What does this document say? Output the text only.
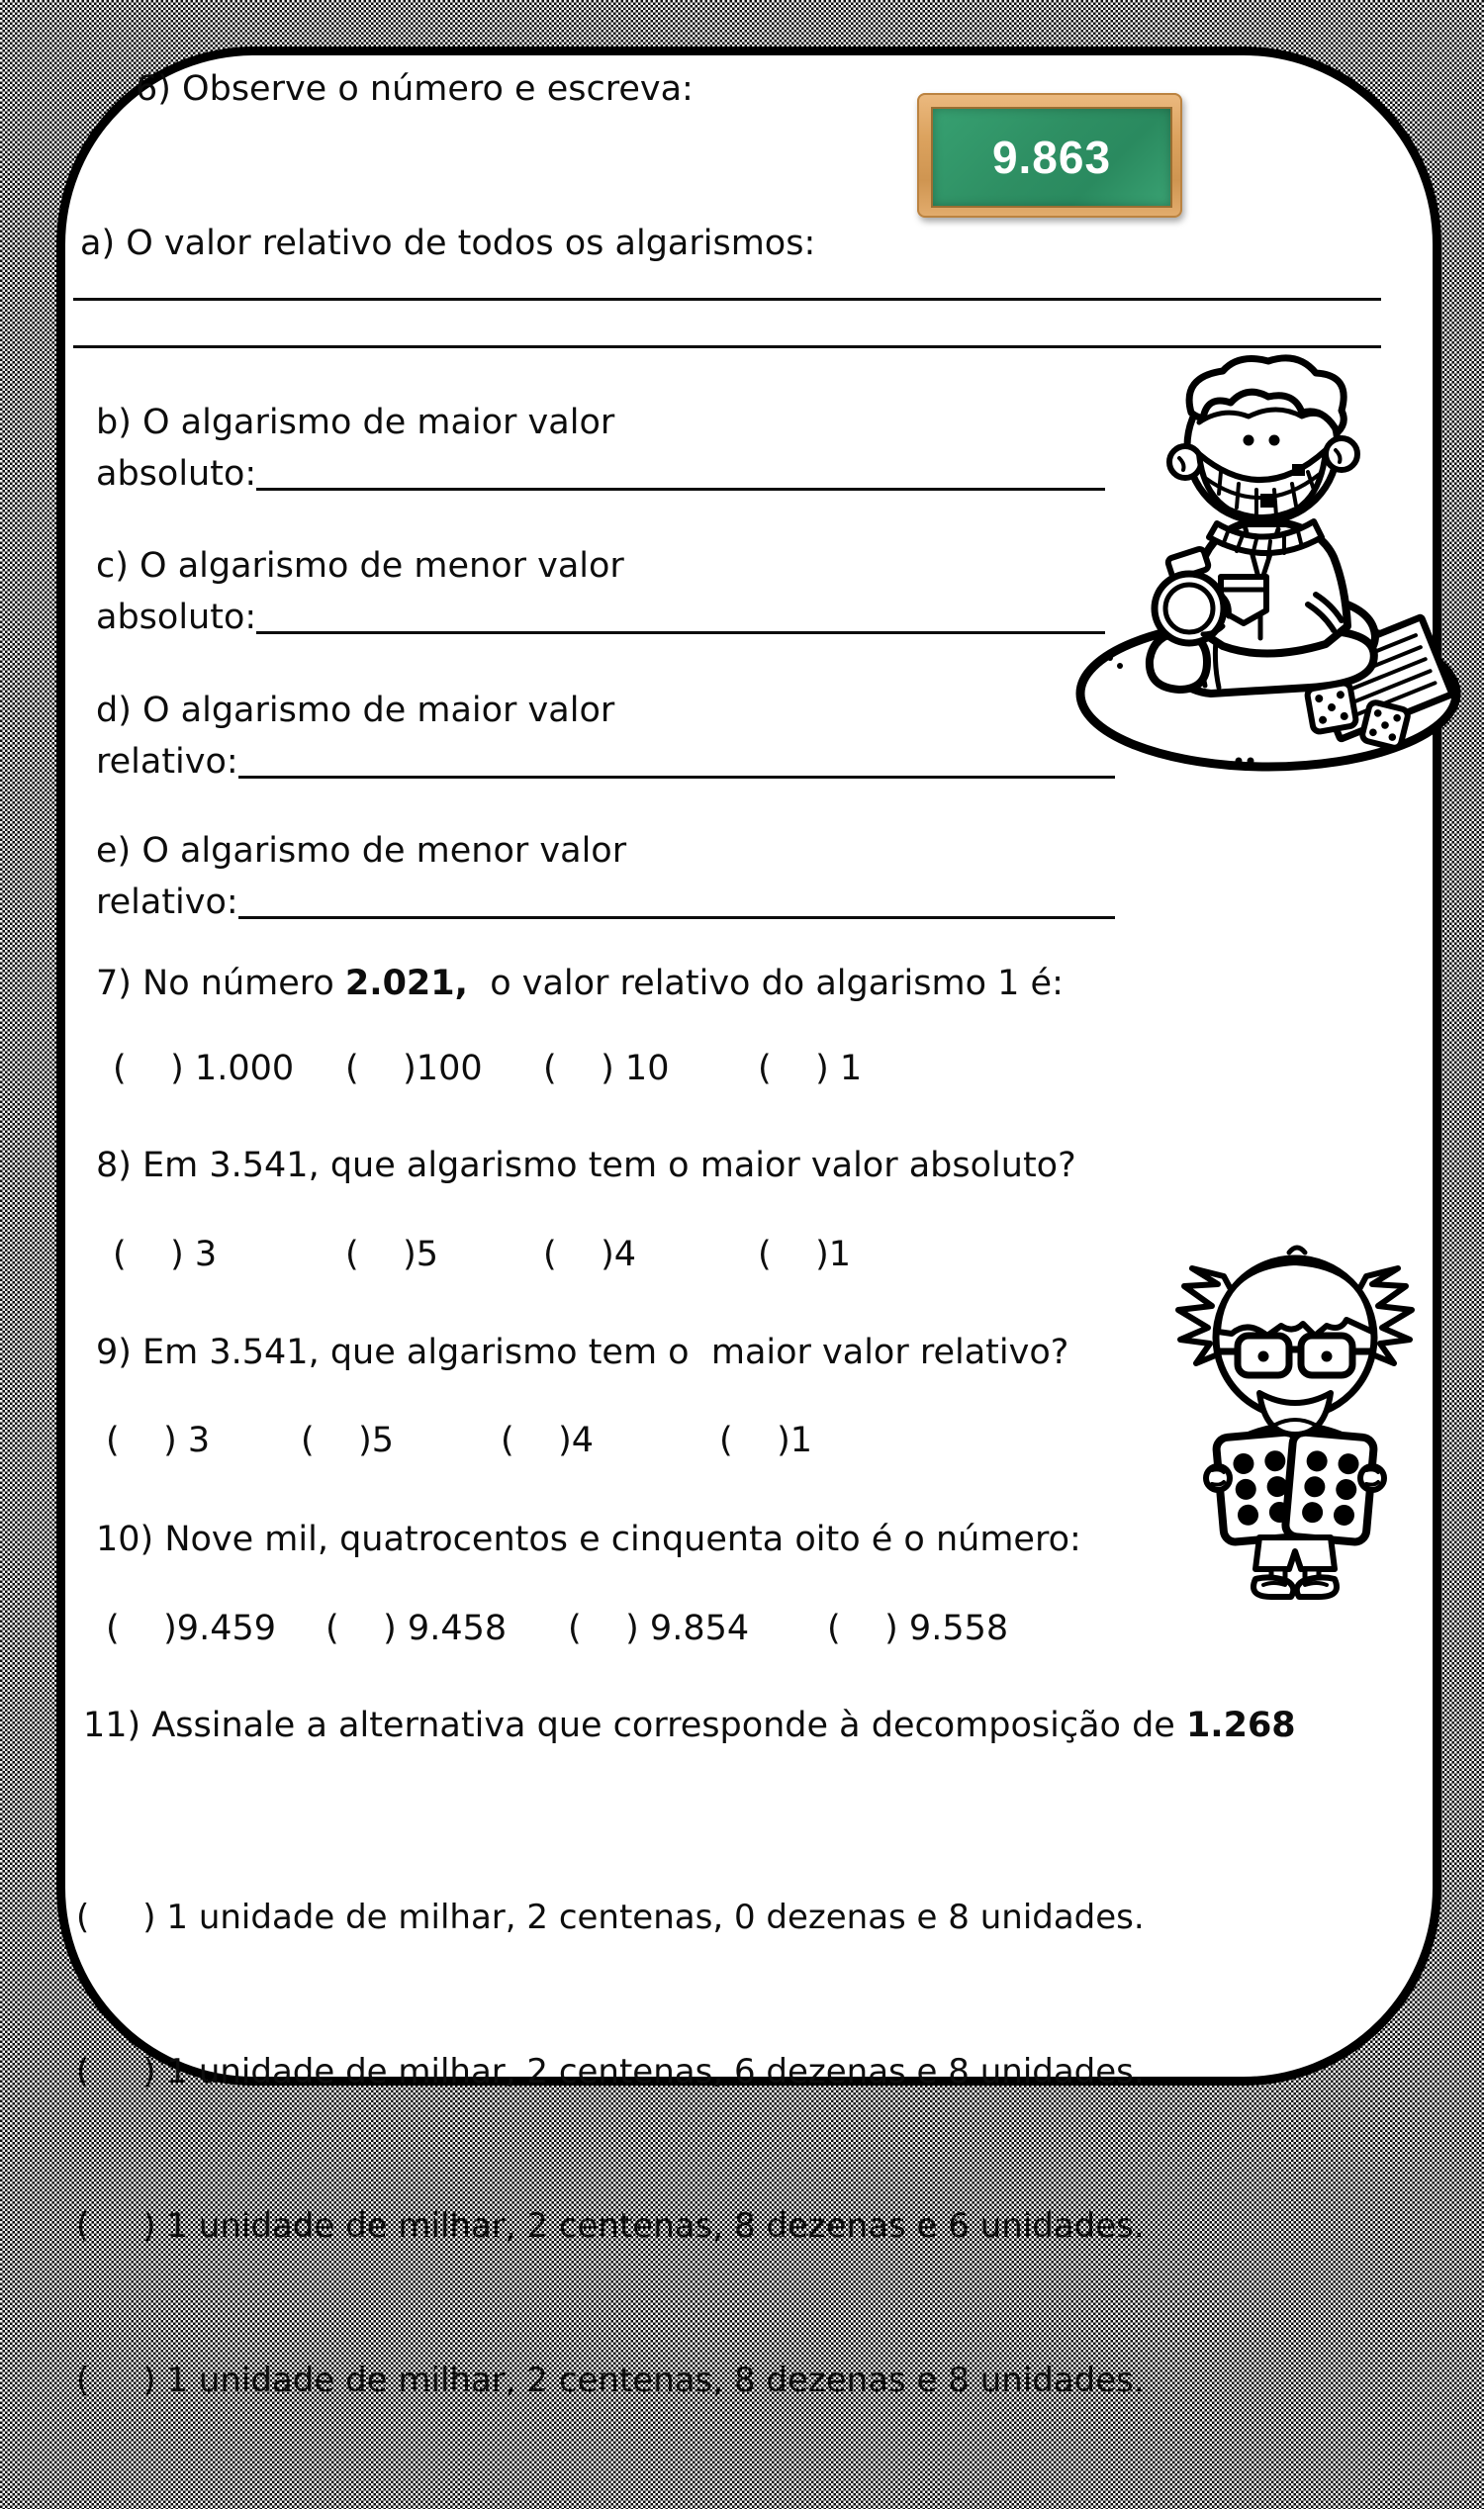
6) Observe o número e escreva:
9.863
a) O valor relativo de todos os algarismos:
b) O algarismo de maior valor
absoluto:
c) O algarismo de menor valor
absoluto:
d) O algarismo de maior valor
relativo:
e) O algarismo de menor valor
relativo:
7) No número 2.021,  o valor relativo do algarismo 1 é:
(    ) 1.000 (    )100 (    ) 10	(    ) 1
8) Em 3.541, que algarismo tem o maior valor absoluto?
(    ) 3	(    )5	(    )4	(    )1
9) Em 3.541, que algarismo tem o  maior valor relativo?
(    ) 3	(    )5	(    )4	(    )1
10) Nove mil, quatrocentos e cinquenta oito é o número:
(    )9.459 (    ) 9.458 (    ) 9.854 (    ) 9.558
11) Assinale a alternativa que corresponde à decomposição de 1.268

(     ) 1 unidade de milhar, 2 centenas, 0 dezenas e 8 unidades.

(     ) 1 unidade de milhar, 2 centenas, 6 dezenas e 8 unidades.

(     ) 1 unidade de milhar, 2 centenas, 8 dezenas e 6 unidades.

(     ) 1 unidade de milhar, 2 centenas, 8 dezenas e 8 unidades.
